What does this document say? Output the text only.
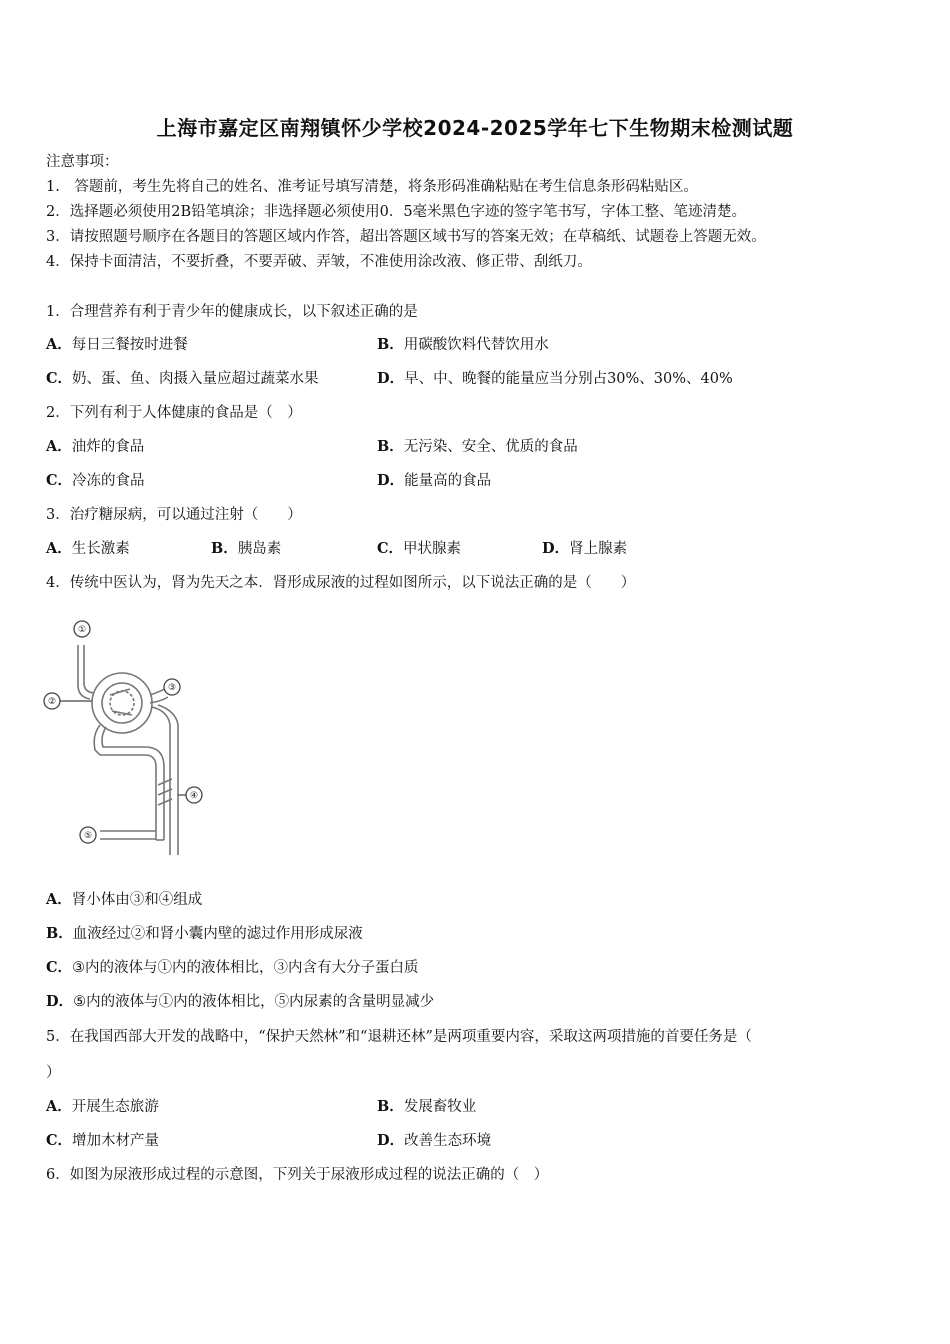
上海市嘉定区南翔镇怀少学校2024-2025学年七下生物期末检测试题
注意事项：
1.　答题前，考生先将自己的姓名、准考证号填写清楚，将条形码准确粘贴在考生信息条形码粘贴区。
2．选择题必须使用2B铅笔填涂；非选择题必须使用0．5毫米黑色字迹的签字笔书写，字体工整、笔迹清楚。
3．请按照题号顺序在各题目的答题区域内作答，超出答题区域书写的答案无效；在草稿纸、试题卷上答题无效。
4．保持卡面清洁，不要折叠，不要弄破、弄皱，不准使用涂改液、修正带、刮纸刀。
1．合理营养有利于青少年的健康成长，以下叙述正确的是
A．每日三餐按时进餐	B．用碳酸饮料代替饮用水
C．奶、蛋、鱼、肉摄入量应超过蔬菜水果	D．早、中、晚餐的能量应当分别占30%、30%、40%
2．下列有利于人体健康的食品是（　）
A．油炸的食品	B．无污染、安全、优质的食品
C．冷冻的食品	D．能量高的食品
3．治疗糖尿病，可以通过注射（　　）
A．生长激素	B．胰岛素	C．甲状腺素	D．肾上腺素
4．传统中医认为，肾为先天之本．肾形成尿液的过程如图所示，以下说法正确的是（　　）
①
②
③
④
⑤
A．肾小体由③和④组成
B．血液经过②和肾小囊内壁的滤过作用形成尿液
C．③内的液体与①内的液体相比，③内含有大分子蛋白质
D．⑤内的液体与①内的液体相比，⑤内尿素的含量明显减少
5．在我国西部大开发的战略中，“保护天然林”和“退耕还林”是两项重要内容，采取这两项措施的首要任务是（
）
A．开展生态旅游	B．发展畜牧业
C．增加木材产量	D．改善生态环境
6．如图为尿液形成过程的示意图，下列关于尿液形成过程的说法正确的（　）
